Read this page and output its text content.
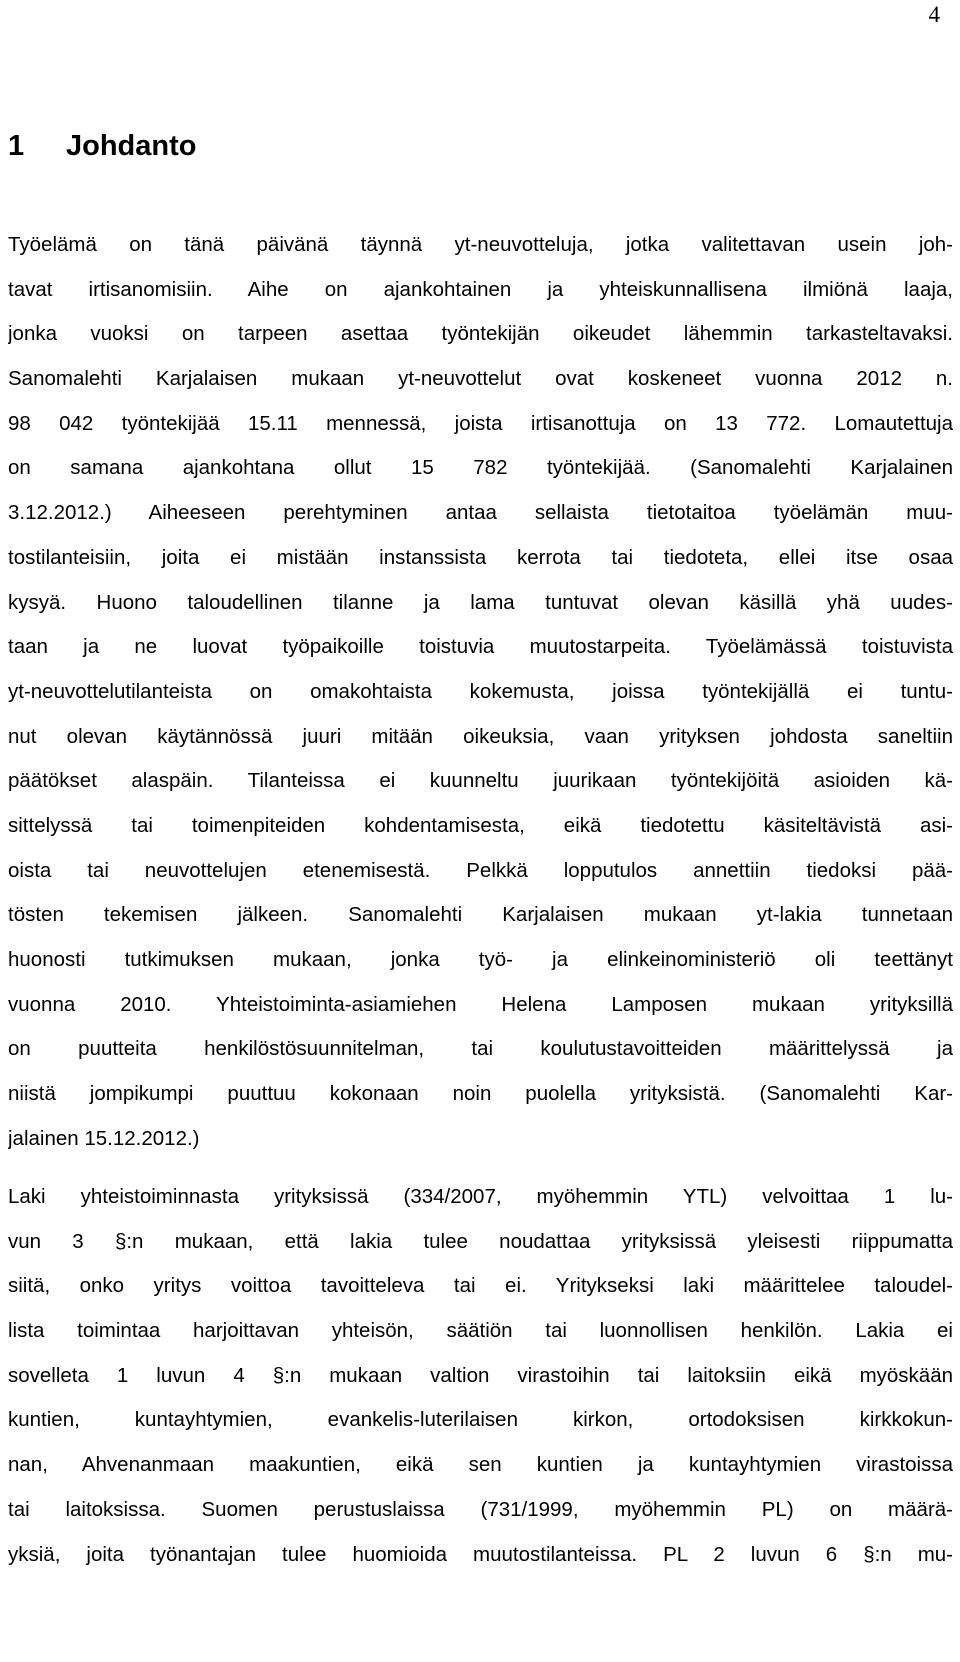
4
1 Johdanto
Työelämä on tänä päivänä täynnä yt-neuvotteluja, jotka valitettavan usein joh-
tavat irtisanomisiin. Aihe on ajankohtainen ja yhteiskunnallisena ilmiönä laaja,
jonka vuoksi on tarpeen asettaa työntekijän oikeudet lähemmin tarkasteltavaksi.
Sanomalehti Karjalaisen mukaan yt-neuvottelut ovat koskeneet vuonna 2012 n.
98 042 työntekijää 15.11 mennessä, joista irtisanottuja on 13 772. Lomautettuja
on samana ajankohtana ollut 15 782 työntekijää. (Sanomalehti Karjalainen
3.12.2012.) Aiheeseen perehtyminen antaa sellaista tietotaitoa työelämän muu-
tostilanteisiin, joita ei mistään instanssista kerrota tai tiedoteta, ellei itse osaa
kysyä. Huono taloudellinen tilanne ja lama tuntuvat olevan käsillä yhä uudes-
taan ja ne luovat työpaikoille toistuvia muutostarpeita. Työelämässä toistuvista
yt-neuvottelutilanteista on omakohtaista kokemusta, joissa työntekijällä ei tuntu-
nut olevan käytännössä juuri mitään oikeuksia, vaan yrityksen johdosta saneltiin
päätökset alaspäin. Tilanteissa ei kuunneltu juurikaan työntekijöitä asioiden kä-
sittelyssä tai toimenpiteiden kohdentamisesta, eikä tiedotettu käsiteltävistä asi-
oista tai neuvottelujen etenemisestä. Pelkkä lopputulos annettiin tiedoksi pää-
tösten tekemisen jälkeen. Sanomalehti Karjalaisen mukaan yt-lakia tunnetaan
huonosti tutkimuksen mukaan, jonka työ- ja elinkeinoministeriö oli teettänyt
vuonna 2010. Yhteistoiminta-asiamiehen Helena Lamposen mukaan yrityksillä
on puutteita henkilöstösuunnitelman, tai koulutustavoitteiden määrittelyssä ja
niistä jompikumpi puuttuu kokonaan noin puolella yrityksistä. (Sanomalehti Kar-
jalainen 15.12.2012.)
Laki yhteistoiminnasta yrityksissä (334/2007, myöhemmin YTL) velvoittaa 1 lu-
vun 3 §:n mukaan, että lakia tulee noudattaa yrityksissä yleisesti riippumatta
siitä, onko yritys voittoa tavoitteleva tai ei. Yritykseksi laki määrittelee taloudel-
lista toimintaa harjoittavan yhteisön, säätiön tai luonnollisen henkilön. Lakia ei
sovelleta 1 luvun 4 §:n mukaan valtion virastoihin tai laitoksiin eikä myöskään
kuntien, kuntayhtymien, evankelis-luterilaisen kirkon, ortodoksisen kirkkokun-
nan, Ahvenanmaan maakuntien, eikä sen kuntien ja kuntayhtymien virastoissa
tai laitoksissa. Suomen perustuslaissa (731/1999, myöhemmin PL) on määrä-
yksiä, joita työnantajan tulee huomioida muutostilanteissa. PL 2 luvun 6 §:n mu-
